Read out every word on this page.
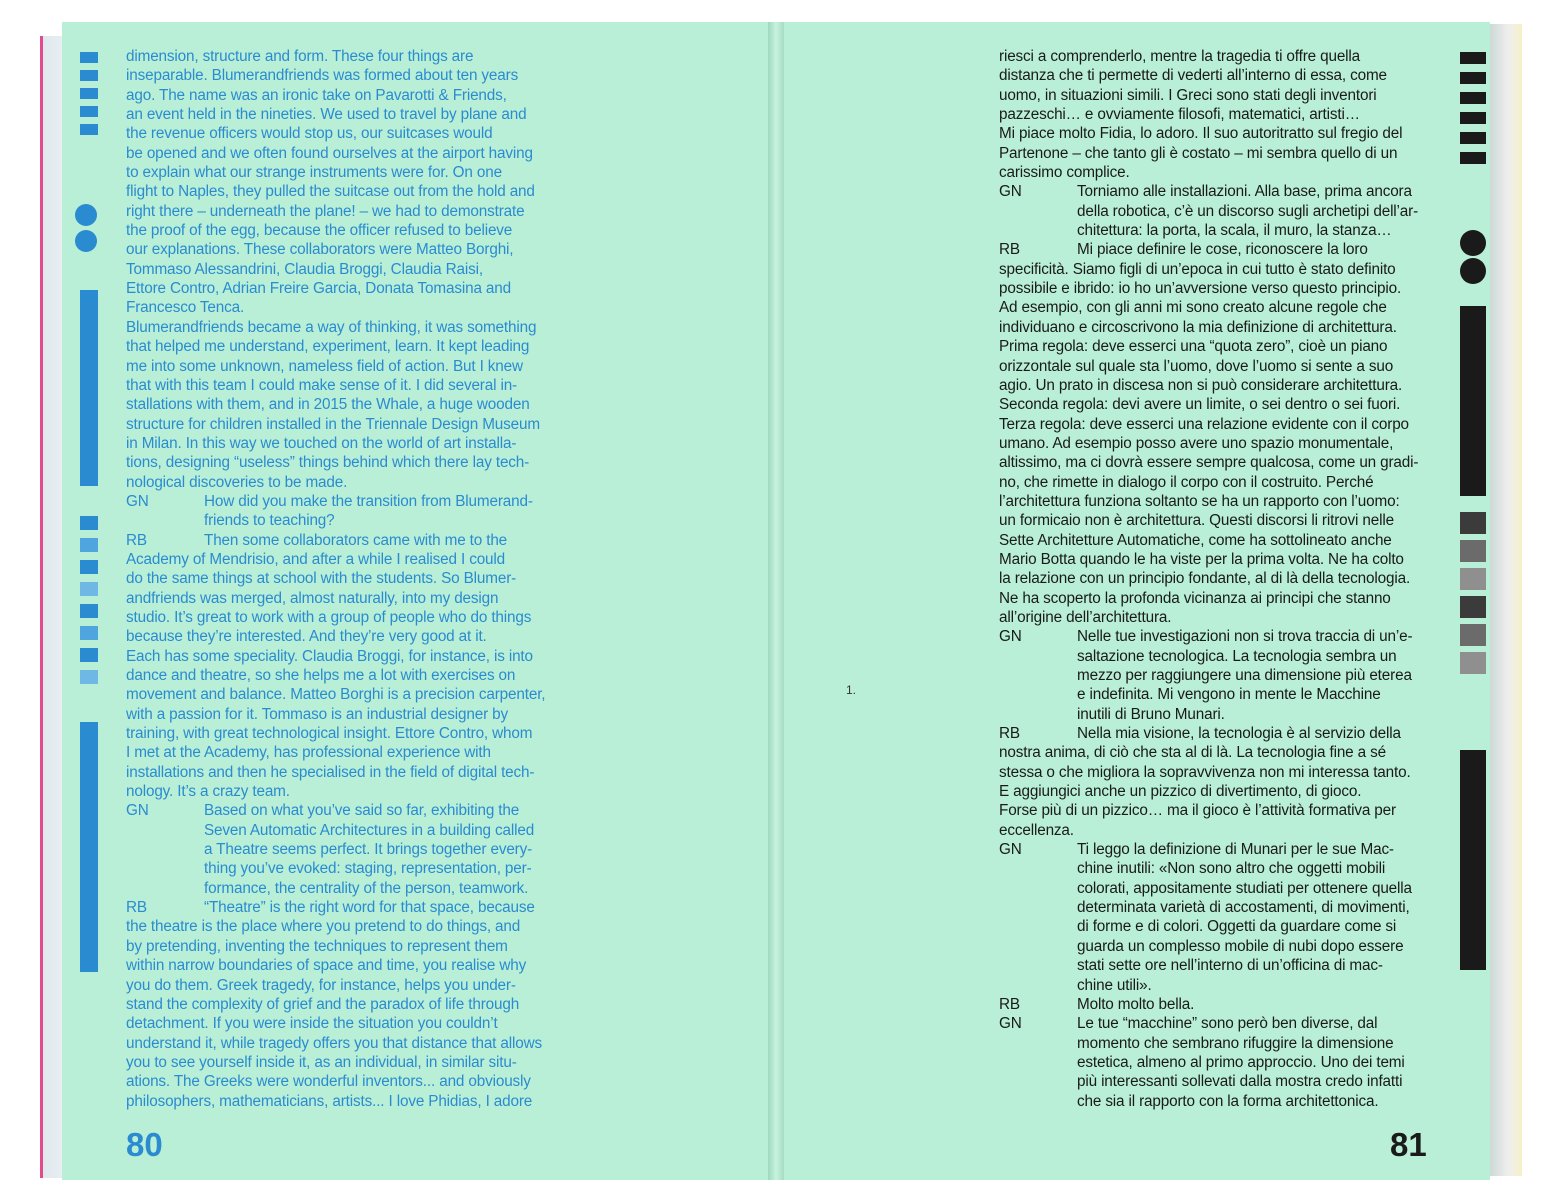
dimension, structure and form. These four things are
inseparable. Blumerandfriends was formed about ten years
ago. The name was an ironic take on Pavarotti & Friends,
an event held in the nineties. We used to travel by plane and
the revenue officers would stop us, our suitcases would
be opened and we often found ourselves at the airport having
to explain what our strange instruments were for. On one
flight to Naples, they pulled the suitcase out from the hold and
right there – underneath the plane! – we had to demonstrate
the proof of the egg, because the officer refused to believe
our explanations. These collaborators were Matteo Borghi,
Tommaso Alessandrini, Claudia Broggi, Claudia Raisi,
Ettore Contro, Adrian Freire Garcia, Donata Tomasina and
Francesco Tenca.
Blumerandfriends became a way of thinking, it was something
that helped me understand, experiment, learn. It kept leading
me into some unknown, nameless field of action. But I knew
that with this team I could make sense of it. I did several in-
stallations with them, and in 2015 the Whale, a huge wooden
structure for children installed in the Triennale Design Museum
in Milan. In this way we touched on the world of art installa-
tions, designing “useless” things behind which there lay tech-
nological discoveries to be made.
GN	How did you make the transition from Blumerand-
friends to teaching?
RB	Then some collaborators came with me to the
Academy of Mendrisio, and after a while I realised I could
do the same things at school with the students. So Blumer-
andfriends was merged, almost naturally, into my design
studio. It’s great to work with a group of people who do things
because they’re interested. And they’re very good at it.
Each has some speciality. Claudia Broggi, for instance, is into
dance and theatre, so she helps me a lot with exercises on
movement and balance. Matteo Borghi is a precision carpenter,
with a passion for it. Tommaso is an industrial designer by
training, with great technological insight. Ettore Contro, whom
I met at the Academy, has professional experience with
installations and then he specialised in the field of digital tech-
nology. It’s a crazy team.
GN	Based on what you’ve said so far, exhibiting the
Seven Automatic Architectures in a building called
a Theatre seems perfect. It brings together every-
thing you’ve evoked: staging, representation, per-
formance, the centrality of the person, teamwork.
RB	“Theatre” is the right word for that space, because
the theatre is the place where you pretend to do things, and
by pretending, inventing the techniques to represent them
within narrow boundaries of space and time, you realise why
you do them. Greek tragedy, for instance, helps you under-
stand the complexity of grief and the paradox of life through
detachment. If you were inside the situation you couldn’t
understand it, while tragedy offers you that distance that allows
you to see yourself inside it, as an individual, in similar situ-
ations. The Greeks were wonderful inventors... and obviously
philosophers, mathematicians, artists... I love Phidias, I adore
riesci a comprenderlo, mentre la tragedia ti offre quella
distanza che ti permette di vederti all’interno di essa, come
uomo, in situazioni simili. I Greci sono stati degli inventori
pazzeschi… e ovviamente filosofi, matematici, artisti…
Mi piace molto Fidia, lo adoro. Il suo autoritratto sul fregio del
Partenone – che tanto gli è costato – mi sembra quello di un
carissimo complice.
GN	Torniamo alle installazioni. Alla base, prima ancora
della robotica, c’è un discorso sugli archetipi dell’ar-
chitettura: la porta, la scala, il muro, la stanza…
RB	Mi piace definire le cose, riconoscere la loro
specificità. Siamo figli di un’epoca in cui tutto è stato definito
possibile e ibrido: io ho un’avversione verso questo principio.
Ad esempio, con gli anni mi sono creato alcune regole che
individuano e circoscrivono la mia definizione di architettura.
Prima regola: deve esserci una “quota zero”, cioè un piano
orizzontale sul quale sta l’uomo, dove l’uomo si sente a suo
agio. Un prato in discesa non si può considerare architettura.
Seconda regola: devi avere un limite, o sei dentro o sei fuori.
Terza regola: deve esserci una relazione evidente con il corpo
umano. Ad esempio posso avere uno spazio monumentale,
altissimo, ma ci dovrà essere sempre qualcosa, come un gradi-
no, che rimette in dialogo il corpo con il costruito. Perché
l’architettura funziona soltanto se ha un rapporto con l’uomo:
un formicaio non è architettura. Questi discorsi li ritrovi nelle
Sette Architetture Automatiche, come ha sottolineato anche
Mario Botta quando le ha viste per la prima volta. Ne ha colto
la relazione con un principio fondante, al di là della tecnologia.
Ne ha scoperto la profonda vicinanza ai principi che stanno
all’origine dell’architettura.
GN	Nelle tue investigazioni non si trova traccia di un’e-
saltazione tecnologica. La tecnologia sembra un
mezzo per raggiungere una dimensione più eterea
e indefinita. Mi vengono in mente le Macchine
inutili di Bruno Munari.
RB	Nella mia visione, la tecnologia è al servizio della
nostra anima, di ciò che sta al di là. La tecnologia fine a sé
stessa o che migliora la sopravvivenza non mi interessa tanto.
E aggiungici anche un pizzico di divertimento, di gioco.
Forse più di un pizzico… ma il gioco è l’attività formativa per
eccellenza.
GN	Ti leggo la definizione di Munari per le sue Mac-
chine inutili: «Non sono altro che oggetti mobili
colorati, appositamente studiati per ottenere quella
determinata varietà di accostamenti, di movimenti,
di forme e di colori. Oggetti da guardare come si
guarda un complesso mobile di nubi dopo essere
stati sette ore nell’interno di un’officina di mac-
chine utili».
RB	Molto molto bella.
GN	Le tue “macchine” sono però ben diverse, dal
momento che sembrano rifuggire la dimensione
estetica, almeno al primo approccio. Uno dei temi
più interessanti sollevati dalla mostra credo infatti
che sia il rapporto con la forma architettonica.
1.
80	81
